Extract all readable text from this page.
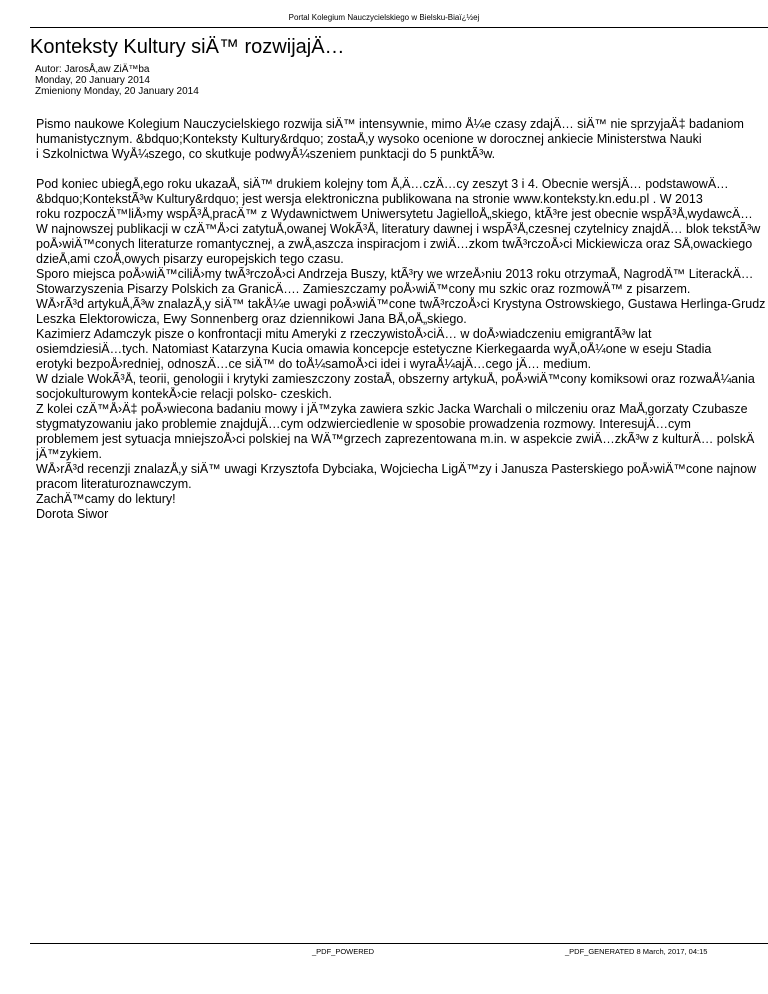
Portal Kolegium Nauczycielskiego w Bielsku-Biaï¿½ej
Konteksty Kultury siÄ™ rozwijajÄ…
Autor: JarosÅ‚aw ZiÄ™ba
Monday, 20 January 2014
Zmieniony Monday, 20 January 2014
Pismo naukowe Kolegium Nauczycielskiego rozwija siÄ™ intensywnie, mimo Å¼e czasy zdajÄ… siÄ™ nie sprzyjaÄ‡ badaniom
humanistycznym. &bdquo;Konteksty Kultury&rdquo; zostaÅ‚y wysoko ocenione w dorocznej ankiecie Ministerstwa Nauki
i Szkolnictwa WyÅ¼szego, co skutkuje podwyÅ¼szeniem punktacji do 5 punktÃ³w.
Pod koniec ubiegÅ‚ego roku ukazaÅ‚ siÄ™ drukiem kolejny tom Å‚Ä…czÄ…cy zeszyt 3 i 4. Obecnie wersjÄ… podstawowÄ…
&bdquo;KontekstÃ³w Kultury&rdquo; jest wersja elektroniczna publikowana na stronie www.konteksty.kn.edu.pl . W 2013
roku rozpoczÄ™liÅ›my wspÃ³Å‚pracÄ™ z Wydawnictwem Uniwersytetu JagielloÅ„skiego, ktÃ³re jest obecnie wspÃ³Å‚wydawcÄ…
W najnowszej publikacji w czÄ™Å›ci zatytuÅ‚owanej WokÃ³Å‚ literatury dawnej i wspÃ³Å‚czesnej czytelnicy znajdÄ… blok tekstÃ³w
poÅ›wiÄ™conych literaturze romantycznej, a zwÅ‚aszcza inspiracjom i zwiÄ…zkom twÃ³rczoÅ›ci Mickiewicza oraz SÅ‚owackiego
dzieÅ‚ami czoÅ‚owych pisarzy europejskich tego czasu.
Sporo miejsca poÅ›wiÄ™ciliÅ›my twÃ³rczoÅ›ci Andrzeja Buszy, ktÃ³ry we wrzeÅ›niu 2013 roku otrzymaÅ‚ NagrodÄ™ LiterackÄ…
Stowarzyszenia Pisarzy Polskich za GranicÄ…. Zamieszczamy poÅ›wiÄ™cony mu szkic oraz rozmowÄ™ z pisarzem.
WÅ›rÃ³d artykuÅ‚Ã³w znalazÅ‚y siÄ™ takÅ¼e uwagi poÅ›wiÄ™cone twÃ³rczoÅ›ci Krystyna Ostrowskiego, Gustawa Herlinga-Grudz
Leszka Elektorowicza, Ewy Sonnenberg oraz dziennikowi Jana BÅ‚oÅ„skiego.
Kazimierz Adamczyk pisze o konfrontacji mitu Ameryki z rzeczywistoÅ›ciÄ… w doÅ›wiadczeniu emigrantÃ³w lat
osiemdziesiÄ…tych. Natomiast Katarzyna Kucia omawia koncepcje estetyczne Kierkegaarda wyÅ‚oÅ¼one w eseju Stadia
erotyki bezpoÅ›redniej, odnoszÄ…ce siÄ™ do toÅ¼samoÅ›ci idei i wyraÅ¼ajÄ…cego jÄ… medium.
W dziale WokÃ³Å‚ teorii, genologii i krytyki zamieszczony zostaÅ‚ obszerny artykuÅ‚ poÅ›wiÄ™cony komiksowi oraz rozwaÅ¼ania
socjokulturowym kontekÅ›cie relacji polsko- czeskich.
Z kolei czÄ™Å›Ä‡ poÅ›wiecona badaniu mowy i jÄ™zyka zawiera szkic Jacka Warchali o milczeniu oraz MaÅ‚gorzaty Czubasze
stygmatyzowaniu jako problemie znajdujÄ…cym odzwierciedlenie w sposobie prowadzenia rozmowy. InteresujÄ…cym
problemem jest sytuacja mniejszoÅ›ci polskiej na WÄ™grzech zaprezentowana m.in. w aspekcie zwiÄ…zkÃ³w z kulturÄ… polskÄ
jÄ™zykiem.
WÅ›rÃ³d recenzji znalazÅ‚y siÄ™ uwagi Krzysztofa Dybciaka, Wojciecha LigÄ™zy i Janusza Pasterskiego poÅ›wiÄ™cone najnow
pracom literaturoznawczym.
ZachÄ™camy do lektury!
Dorota Siwor
_PDF_POWERED	_PDF_GENERATED 8 March, 2017, 04:15
